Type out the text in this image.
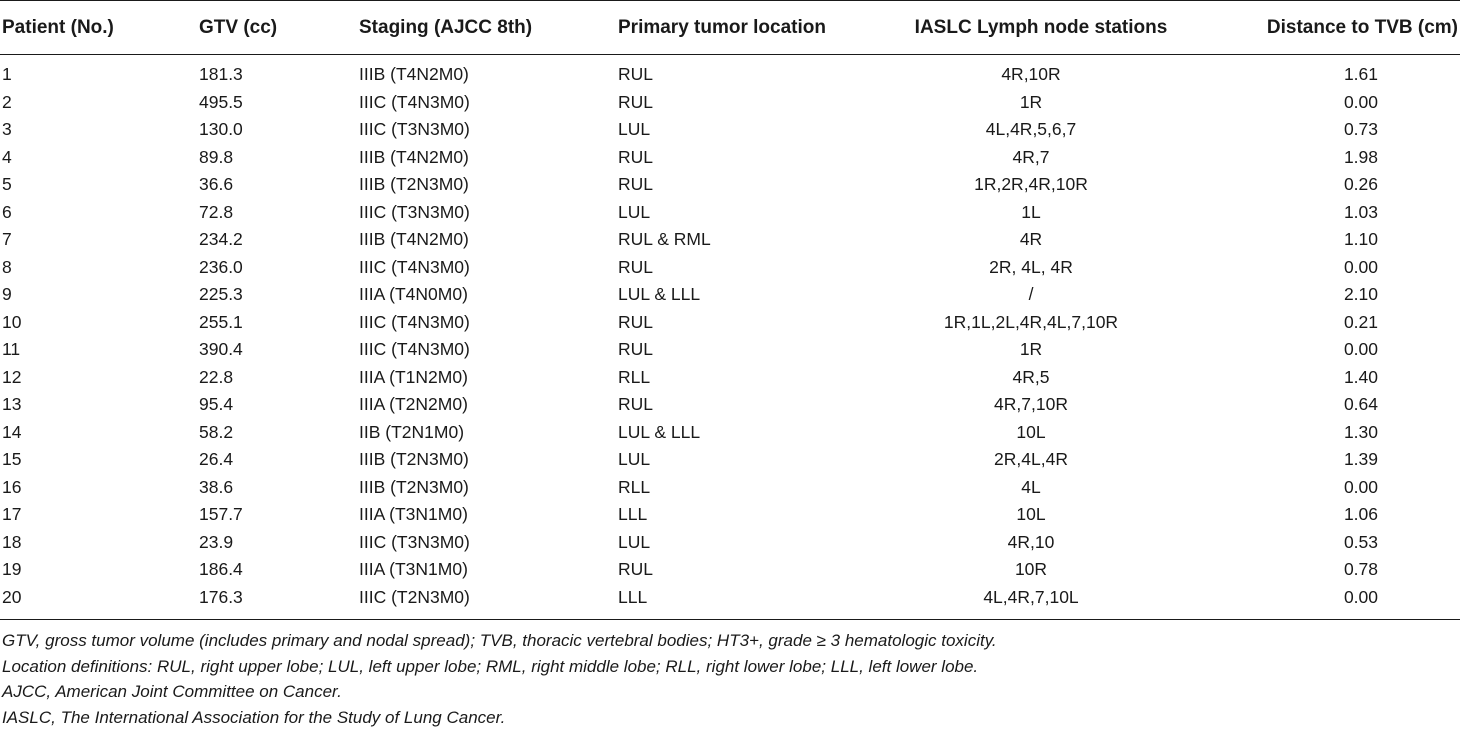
Patient (No.)	GTV (cc)	Staging (AJCC 8th)	Primary tumor location	IASLC Lymph node stations	Distance to TVB (cm)
1	181.3	IIIB (T4N2M0)	RUL	4R,10R	1.61
2	495.5	IIIC (T4N3M0)	RUL	1R	0.00
3	130.0	IIIC (T3N3M0)	LUL	4L,4R,5,6,7	0.73
4	89.8	IIIB (T4N2M0)	RUL	4R,7	1.98
5	36.6	IIIB (T2N3M0)	RUL	1R,2R,4R,10R	0.26
6	72.8	IIIC (T3N3M0)	LUL	1L	1.03
7	234.2	IIIB (T4N2M0)	RUL & RML	4R	1.10
8	236.0	IIIC (T4N3M0)	RUL	2R, 4L, 4R	0.00
9	225.3	IIIA (T4N0M0)	LUL & LLL	/	2.10
10	255.1	IIIC (T4N3M0)	RUL	1R,1L,2L,4R,4L,7,10R	0.21
11	390.4	IIIC (T4N3M0)	RUL	1R	0.00
12	22.8	IIIA (T1N2M0)	RLL	4R,5	1.40
13	95.4	IIIA (T2N2M0)	RUL	4R,7,10R	0.64
14	58.2	IIB (T2N1M0)	LUL & LLL	10L	1.30
15	26.4	IIIB (T2N3M0)	LUL	2R,4L,4R	1.39
16	38.6	IIIB (T2N3M0)	RLL	4L	0.00
17	157.7	IIIA (T3N1M0)	LLL	10L	1.06
18	23.9	IIIC (T3N3M0)	LUL	4R,10	0.53
19	186.4	IIIA (T3N1M0)	RUL	10R	0.78
20	176.3	IIIC (T2N3M0)	LLL	4L,4R,7,10L	0.00

GTV, gross tumor volume (includes primary and nodal spread); TVB, thoracic vertebral bodies; HT3+, grade ≥ 3 hematologic toxicity.

Location definitions: RUL, right upper lobe; LUL, left upper lobe; RML, right middle lobe; RLL, right lower lobe; LLL, left lower lobe.

AJCC, American Joint Committee on Cancer.

IASLC, The International Association for the Study of Lung Cancer.
